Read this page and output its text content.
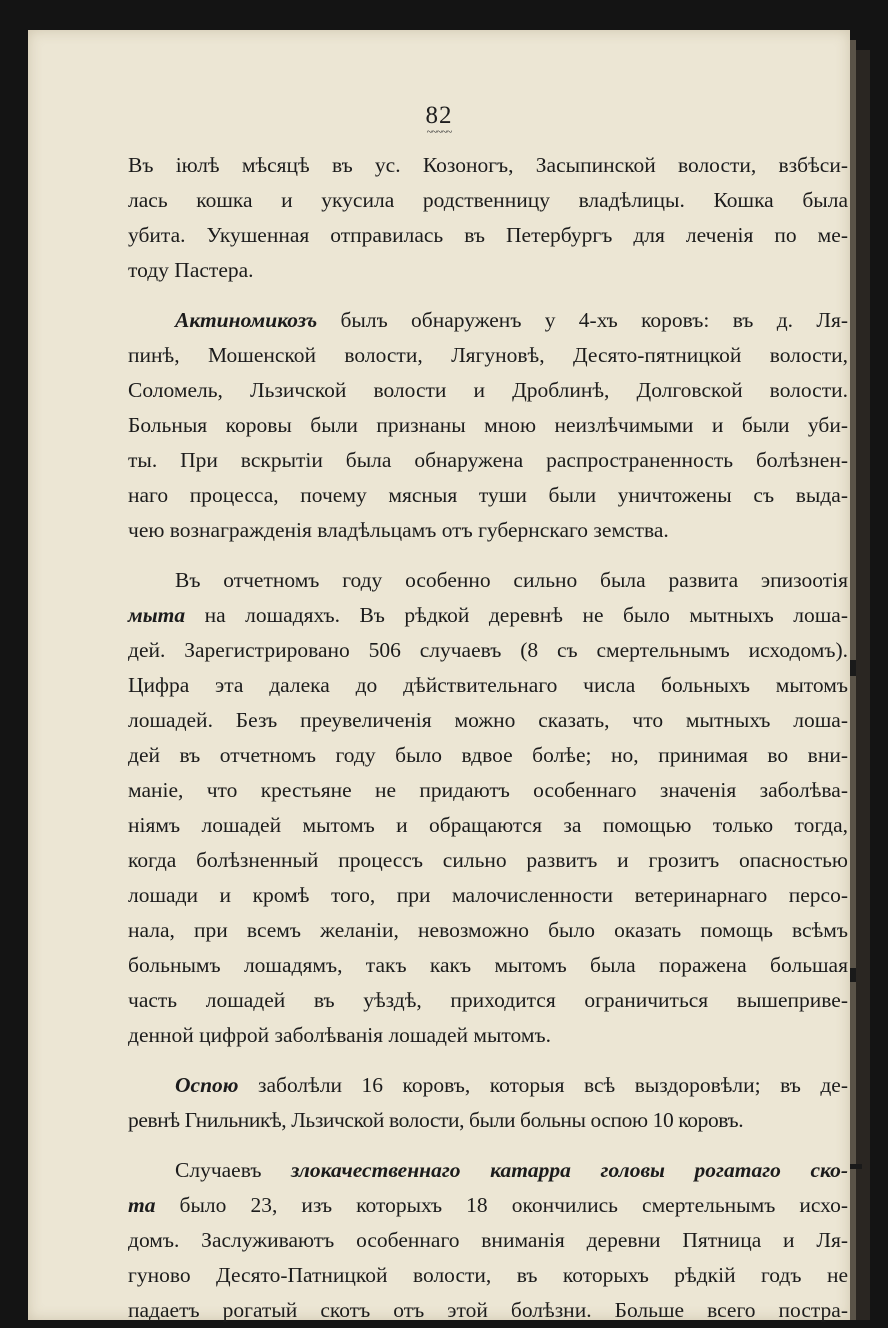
82
~~~~~
Въ іюлѣ мѣсяцѣ въ ус. Козоногъ, Засыпинской волости, взбѣси-
лась кошка и укусила родственницу владѣлицы. Кошка была
убита. Укушенная отправилась въ Петербургъ для леченія по ме-
тоду Пастера.
Актиномикозъ былъ обнаруженъ у 4-хъ коровъ: въ д. Ля-
пинѣ, Мошенской волости, Лягуновѣ, Десято-пятницкой волости,
Соломель, Льзичской волости и Дроблинѣ, Долговской волости.
Больныя коровы были признаны мною неизлѣчимыми и были уби-
ты. При вскрытіи была обнаружена распространенность болѣзнен-
наго процесса, почему мясныя туши были уничтожены съ выда-
чею вознагражденія владѣльцамъ отъ губернскаго земства.
Въ отчетномъ году особенно сильно была развита эпизоотія
мыта на лошадяхъ. Въ рѣдкой деревнѣ не было мытныхъ лоша-
дей. Зарегистрировано 506 случаевъ (8 съ смертельнымъ исходомъ).
Цифра эта далека до дѣйствительнаго числа больныхъ мытомъ
лошадей. Безъ преувеличенія можно сказать, что мытныхъ лоша-
дей въ отчетномъ году было вдвое болѣе; но, принимая во вни-
маніе, что крестьяне не придаютъ особеннаго значенія заболѣва-
ніямъ лошадей мытомъ и обращаются за помощью только тогда,
когда болѣзненный процессъ сильно развитъ и грозитъ опасностью
лошади и кромѣ того, при малочисленности ветеринарнаго персо-
нала, при всемъ желаніи, невозможно было оказать помощь всѣмъ
больнымъ лошадямъ, такъ какъ мытомъ была поражена большая
часть лошадей въ уѣздѣ, приходится ограничиться вышеприве-
денной цифрой заболѣванія лошадей мытомъ.
Оспою заболѣли 16 коровъ, которыя всѣ выздоровѣли; въ де-
ревнѣ Гнильникѣ, Льзичской волости, были больны оспою 10 коровъ.
Случаевъ злокачественнаго катарра головы рогатаго ско-
та было 23, изъ которыхъ 18 окончились смертельнымъ исхо-
домъ. Заслуживаютъ особеннаго вниманія деревни Пятница и Ля-
гуново Десято-Патницкой волости, въ которыхъ рѣдкій годъ не
падаетъ рогатый скотъ отъ этой болѣзни. Больше всего постра-
